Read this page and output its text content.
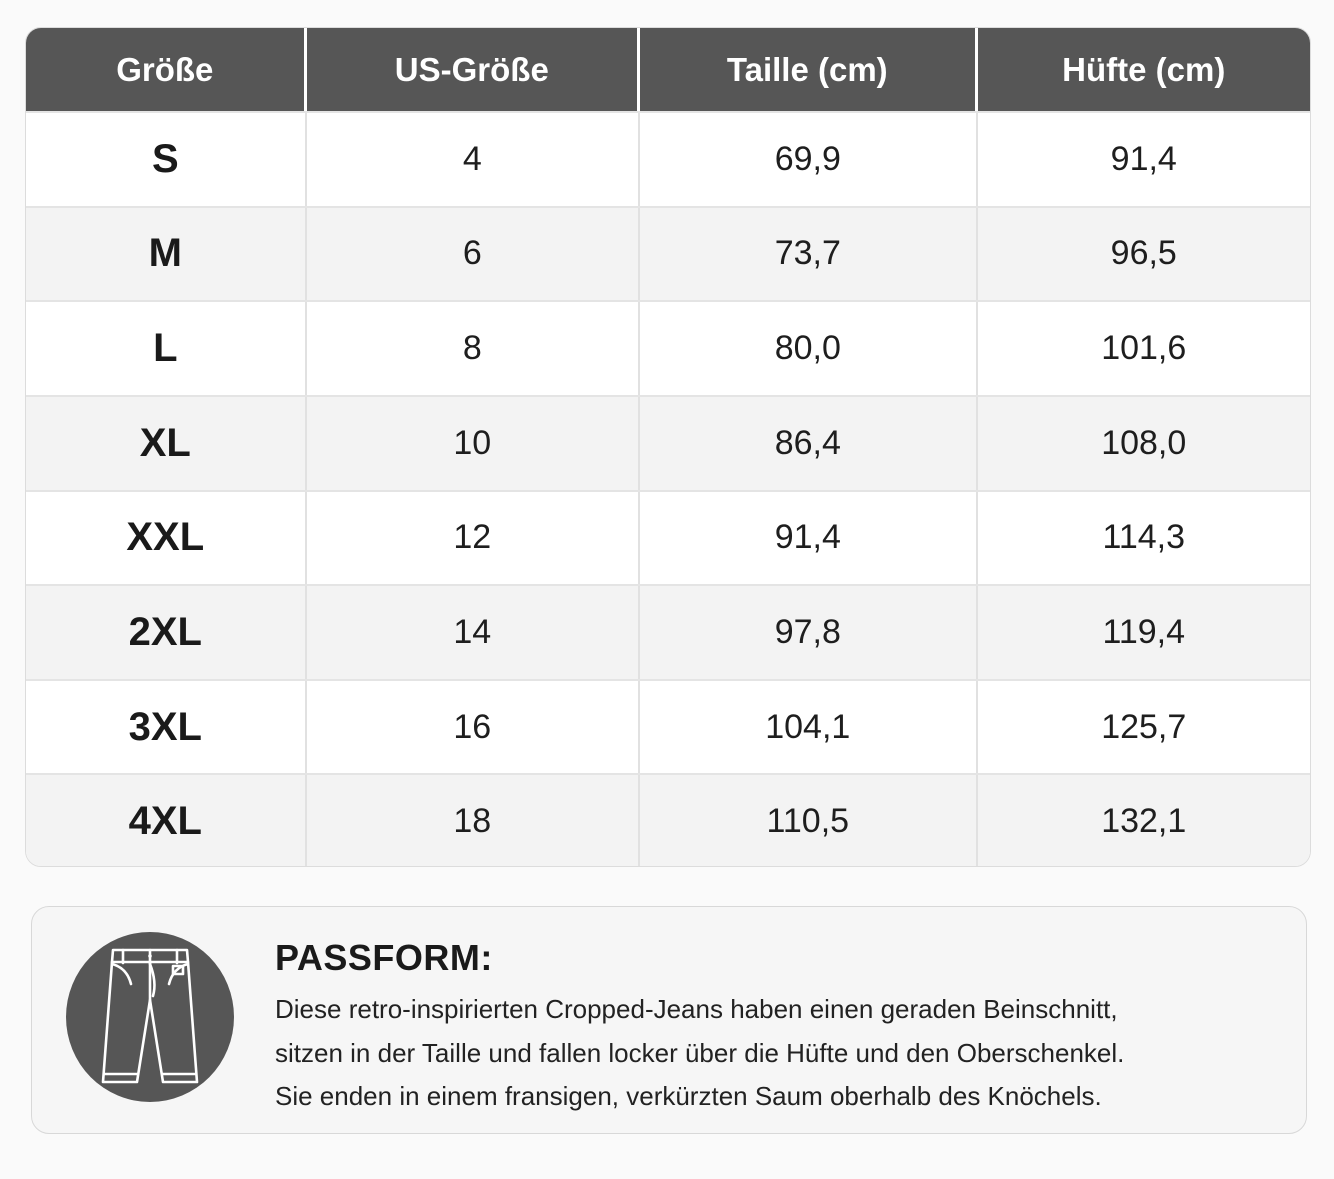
Größe	US-Größe	Taille (cm)	Hüfte (cm)
S	4	69,9	91,4
M	6	73,7	96,5
L	8	80,0	101,6
XL	10	86,4	108,0
XXL	12	91,4	114,3
2XL	14	97,8	119,4
3XL	16	104,1	125,7
4XL	18	110,5	132,1
PASSFORM:
Diese retro-inspirierten Cropped-Jeans haben einen geraden Beinschnitt,
sitzen in der Taille und fallen locker über die Hüfte und den Oberschenkel.
Sie enden in einem fransigen, verkürzten Saum oberhalb des Knöchels.
